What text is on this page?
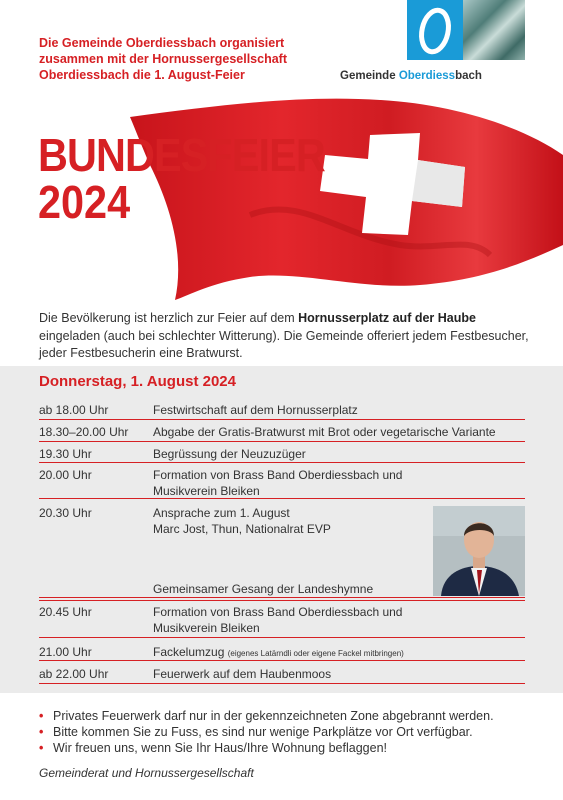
Die Gemeinde Oberdiessbach organisiert
zusammen mit der Hornussergesellschaft
Oberdiessbach die 1. August-Feier	Gemeinde Oberdiessbach
BUNDESFEIER
2024
Die Bevölkerung ist herzlich zur Feier auf dem Hornusserplatz auf der Haube eingeladen (auch bei schlechter Witterung). Die Gemeinde offeriert jedem Festbesucher, jeder Festbesucherin eine Bratwurst.
Donnerstag, 1. August 2024
ab 18.00 Uhr	Festwirtschaft auf dem Hornusserplatz
18.30–20.00 Uhr	Abgabe der Gratis-Bratwurst mit Brot oder vegetarische Variante
19.30 Uhr	Begrüssung der Neuzuzüger
20.00 Uhr	Formation von Brass Band Oberdiessbach und
Musikverein Bleiken
20.30 Uhr	Ansprache zum 1. August
Marc Jost, Thun, Nationalrat EVP
Gemeinsamer Gesang der Landeshymne
20.45 Uhr	Formation von Brass Band Oberdiessbach und
Musikverein Bleiken
21.00 Uhr	Fackelumzug (eigenes Latärndli oder eigene Fackel mitbringen)
ab 22.00 Uhr	Feuerwerk auf dem Haubenmoos
• Privates Feuerwerk darf nur in der gekennzeichneten Zone abgebrannt werden.
• Bitte kommen Sie zu Fuss, es sind nur wenige Parkplätze vor Ort verfügbar.
• Wir freuen uns, wenn Sie Ihr Haus/Ihre Wohnung beflaggen!
Gemeinderat und Hornussergesellschaft
